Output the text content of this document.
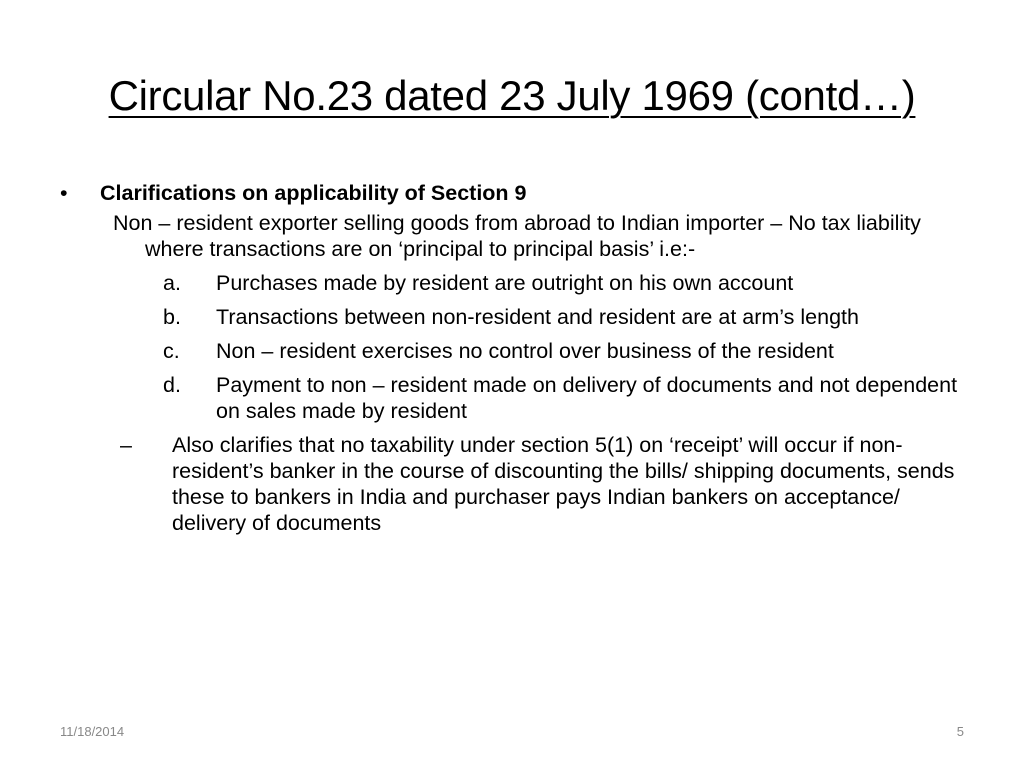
Circular No.23 dated 23 July 1969 (contd…)
• Clarifications on applicability of Section 9
Non – resident exporter selling goods from abroad to Indian importer – No tax liability where transactions are on ‘principal to principal basis’ i.e:-
a. Purchases made by resident are outright on his own account
b. Transactions between non-resident and resident are at arm’s length
c. Non – resident exercises no control over business of the resident
d. Payment to non – resident made on delivery of documents and not dependent on sales made by resident
– Also clarifies that no taxability under section 5(1) on ‘receipt’ will occur if non-resident’s banker in the course of discounting the bills/ shipping documents, sends these to bankers in India and purchaser pays Indian bankers on acceptance/ delivery of documents
11/18/2014	5
